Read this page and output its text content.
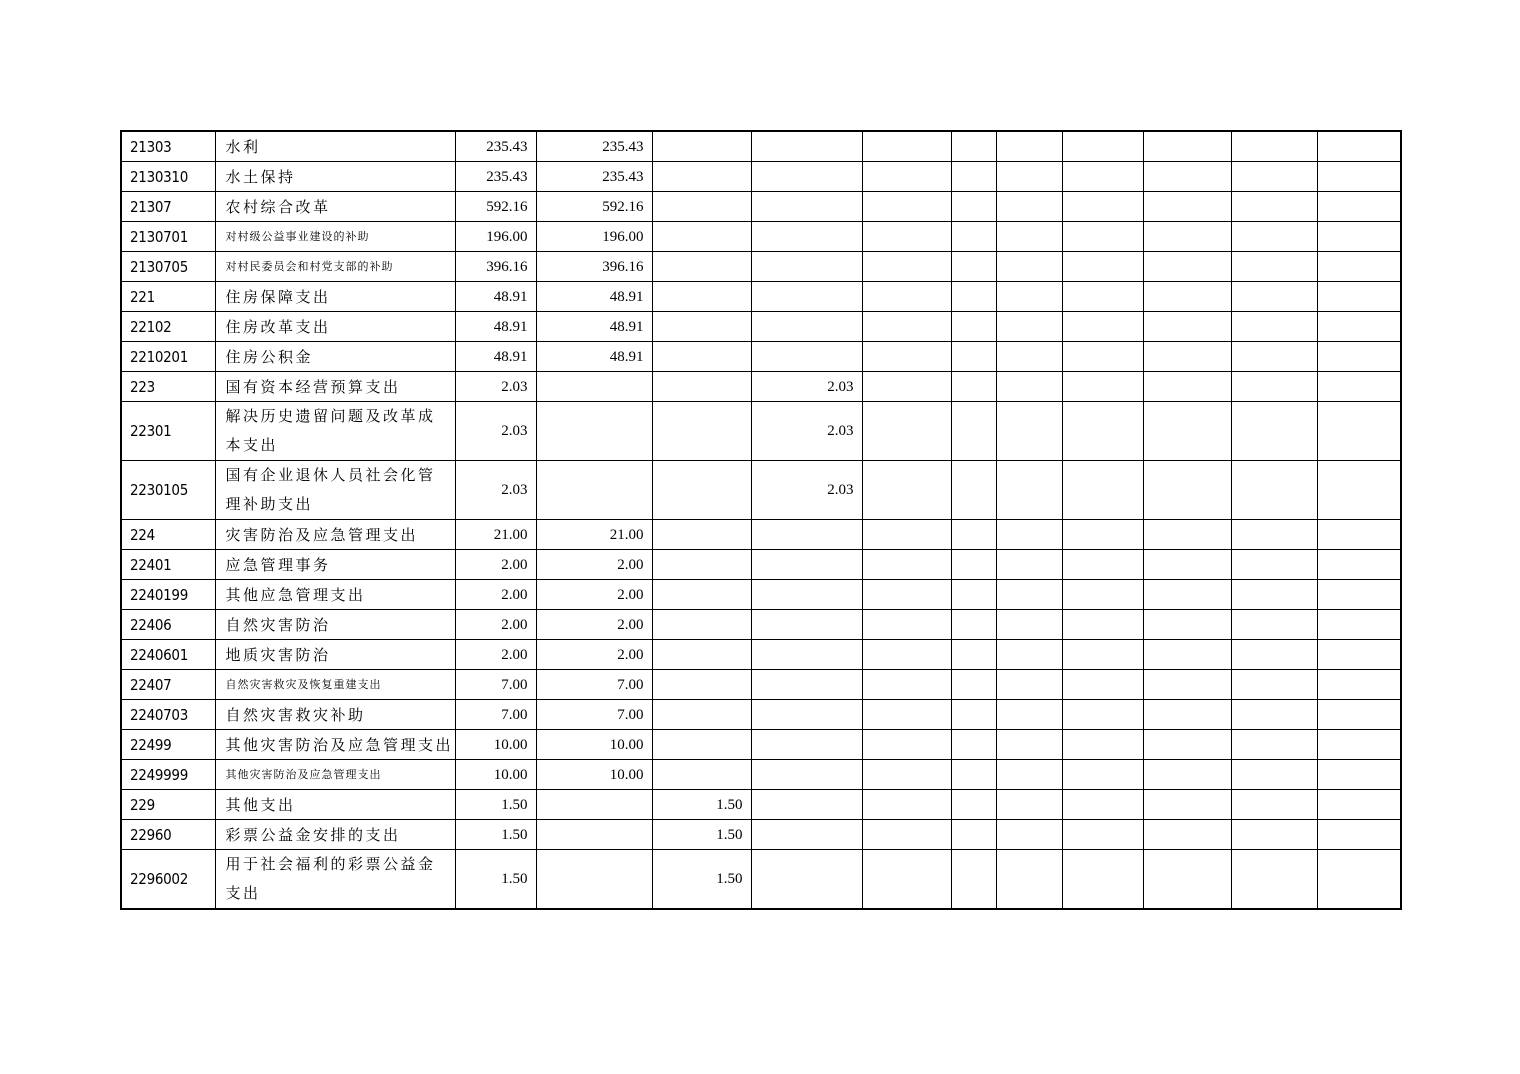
21303	水利	235.43	235.43									
2130310	水土保持	235.43	235.43									
21307	农村综合改革	592.16	592.16									
2130701	对村级公益事业建设的补助	196.00	196.00									
2130705	对村民委员会和村党支部的补助	396.16	396.16									
221	住房保障支出	48.91	48.91									
22102	住房改革支出	48.91	48.91									
2210201	住房公积金	48.91	48.91									
223	国有资本经营预算支出	2.03			2.03							
22301	解决历史遗留问题及改革成本支出	2.03			2.03							
2230105	国有企业退休人员社会化管理补助支出	2.03			2.03							
224	灾害防治及应急管理支出	21.00	21.00									
22401	应急管理事务	2.00	2.00									
2240199	其他应急管理支出	2.00	2.00									
22406	自然灾害防治	2.00	2.00									
2240601	地质灾害防治	2.00	2.00									
22407	自然灾害救灾及恢复重建支出	7.00	7.00									
2240703	自然灾害救灾补助	7.00	7.00									
22499	其他灾害防治及应急管理支出	10.00	10.00									
2249999	其他灾害防治及应急管理支出	10.00	10.00									
229	其他支出	1.50		1.50								
22960	彩票公益金安排的支出	1.50		1.50								
2296002	用于社会福利的彩票公益金支出	1.50		1.50								
